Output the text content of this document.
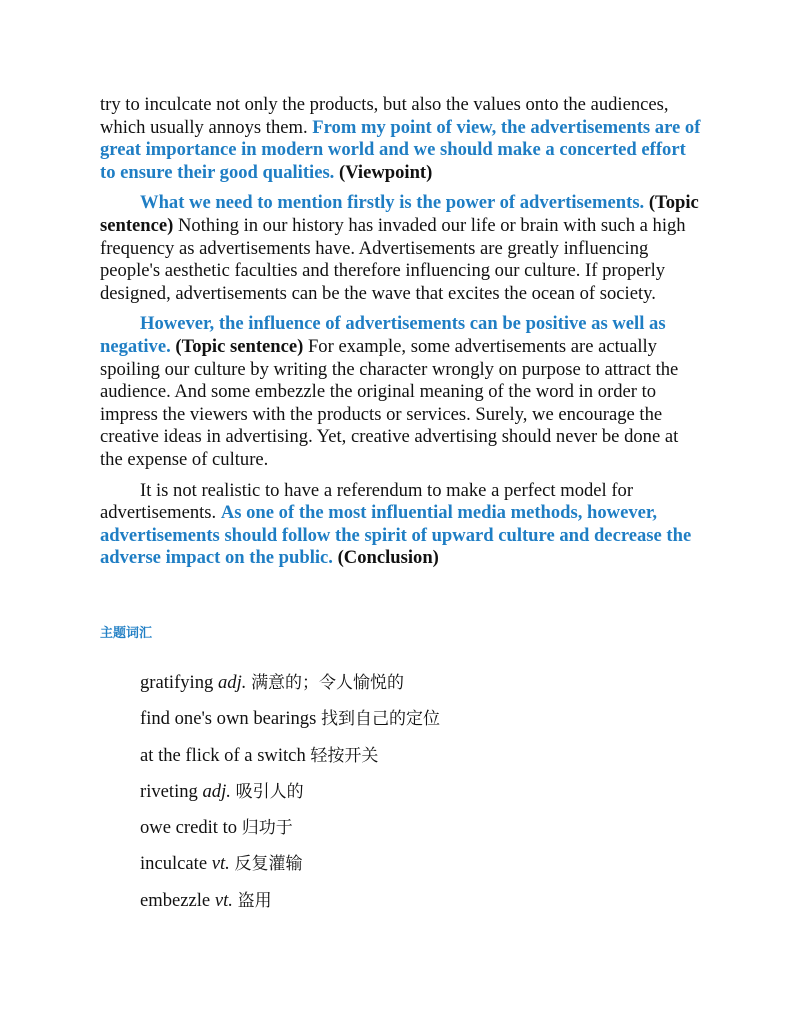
try to inculcate not only the products, but also the values onto the audiences, which usually annoys them. From my point of view, the advertisements are of great importance in modern world and we should make a concerted effort to ensure their good qualities. (Viewpoint)

What we need to mention firstly is the power of advertisements. (Topic sentence) Nothing in our history has invaded our life or brain with such a high frequency as advertisements have. Advertisements are greatly influencing people's aesthetic faculties and therefore influencing our culture. If properly designed, advertisements can be the wave that excites the ocean of society.

However, the influence of advertisements can be positive as well as negative. (Topic sentence) For example, some advertisements are actually spoiling our culture by writing the character wrongly on purpose to attract the audience. And some embezzle the original meaning of the word in order to impress the viewers with the products or services. Surely, we encourage the creative ideas in advertising. Yet, creative advertising should never be done at the expense of culture.

It is not realistic to have a referendum to make a perfect model for advertisements. As one of the most influential media methods, however, advertisements should follow the spirit of upward culture and decrease the adverse impact on the public. (Conclusion)

主题词汇
gratifying adj. 满意的；令人愉悦的
find one's own bearings 找到自己的定位
at the flick of a switch 轻按开关
riveting adj. 吸引人的
owe credit to 归功于
inculcate vt. 反复灌输
embezzle vt. 盗用
